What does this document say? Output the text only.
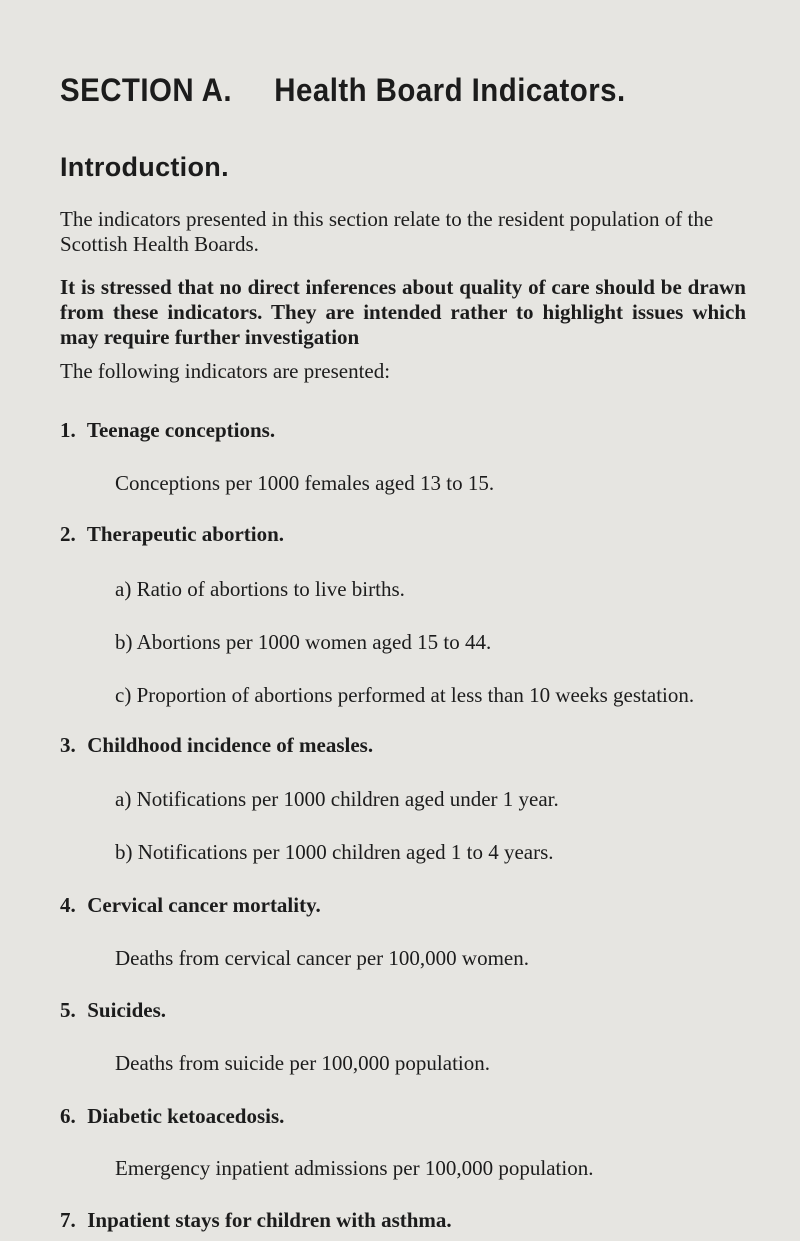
SECTION A. Health Board Indicators.
Introduction.

The indicators presented in this section relate to the resident population of the Scottish Health Boards.

It is stressed that no direct inferences about quality of care should be drawn from these indicators. They are intended rather to highlight issues which may require further investigation

The following indicators are presented:

1. Teenage conceptions.

Conceptions per 1000 females aged 13 to 15.

2. Therapeutic abortion.

a) Ratio of abortions to live births.

b) Abortions per 1000 women aged 15 to 44.

c) Proportion of abortions performed at less than 10 weeks gestation.

3. Childhood incidence of measles.

a) Notifications per 1000 children aged under 1 year.

b) Notifications per 1000 children aged 1 to 4 years.

4. Cervical cancer mortality.

Deaths from cervical cancer per 100,000 women.

5. Suicides.

Deaths from suicide per 100,000 population.

6. Diabetic ketoacedosis.

Emergency inpatient admissions per 100,000 population.

7. Inpatient stays for children with asthma.
